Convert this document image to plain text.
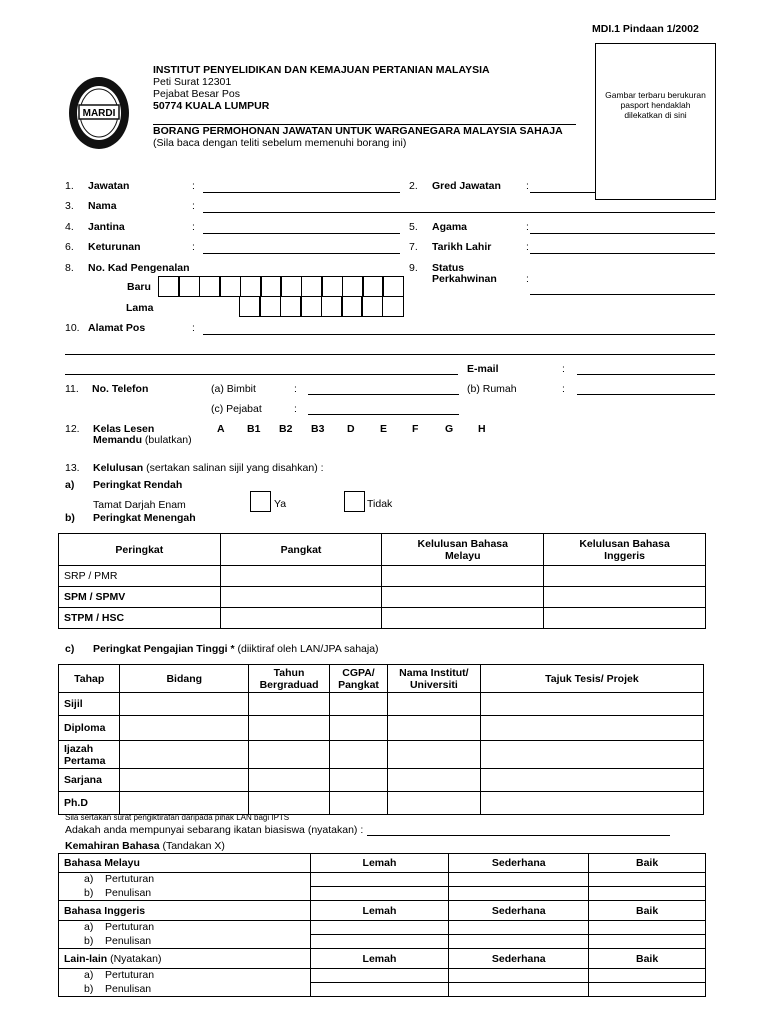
MDI.1 Pindaan 1/2002
MARDI
INSTITUT PENYELIDIKAN DAN KEMAJUAN PERTANIAN MALAYSIA
Peti Surat 12301
Pejabat Besar Pos
50774 KUALA LUMPUR
BORANG PERMOHONAN JAWATAN UNTUK WARGANEGARA MALAYSIA SAHAJA
(Sila baca dengan teliti sebelum memenuhi borang ini)
Gambar terbaru berukuran pasport hendaklah dilekatkan di sini
1. Jawatan	:	2. Gred Jawatan :
3. Nama	:
4. Jantina	:	5. Agama	:
6. Keturunan	:	7. Tarikh Lahir	:
8. No. Kad Pengenalan
Baru
Lama
9. Status
Perkahwinan	:
10. Alamat Pos	:
E-mail	:
11. No. Telefon	(a) Bimbit	:	(b) Rumah	:
(c) Pejabat	:
12. Kelas Lesen
Memandu (bulatkan)
A B1 B2 B3 D E F	G H
13. Kelulusan (sertakan salinan sijil yang disahkan) :
a) Peringkat Rendah
Tamat Darjah Enam	Ya	Tidak
b) Peringkat Menengah
Peringkat	Pangkat	Kelulusan Bahasa Melayu	Kelulusan Bahasa Inggeris
SRP / PMR			
SPM / SPMV			
STPM / HSC			
c) Peringkat Pengajian Tinggi * (diiktiraf oleh LAN/JPA sahaja)
Tahap	Bidang	Tahun Bergraduad	CGPA/ Pangkat	Nama Institut/ Universiti	Tajuk Tesis/ Projek
Sijil					
Diploma					
Ijazah Pertama					
Sarjana					
Ph.D					
Sila sertakan surat pengiktirafan daripada pihak LAN bagi IPTS
Adakah anda mempunyai sebarang ikatan biasiswa (nyatakan) :
Kemahiran Bahasa (Tandakan X)
Bahasa Melayu	Lemah	Sederhana	Baik
a) Pertuturan			
b) Penulisan			
Bahasa Inggeris	Lemah	Sederhana	Baik
a) Pertuturan			
b) Penulisan			
Lain-lain (Nyatakan)	Lemah	Sederhana	Baik
a) Pertuturan			
b) Penulisan			
